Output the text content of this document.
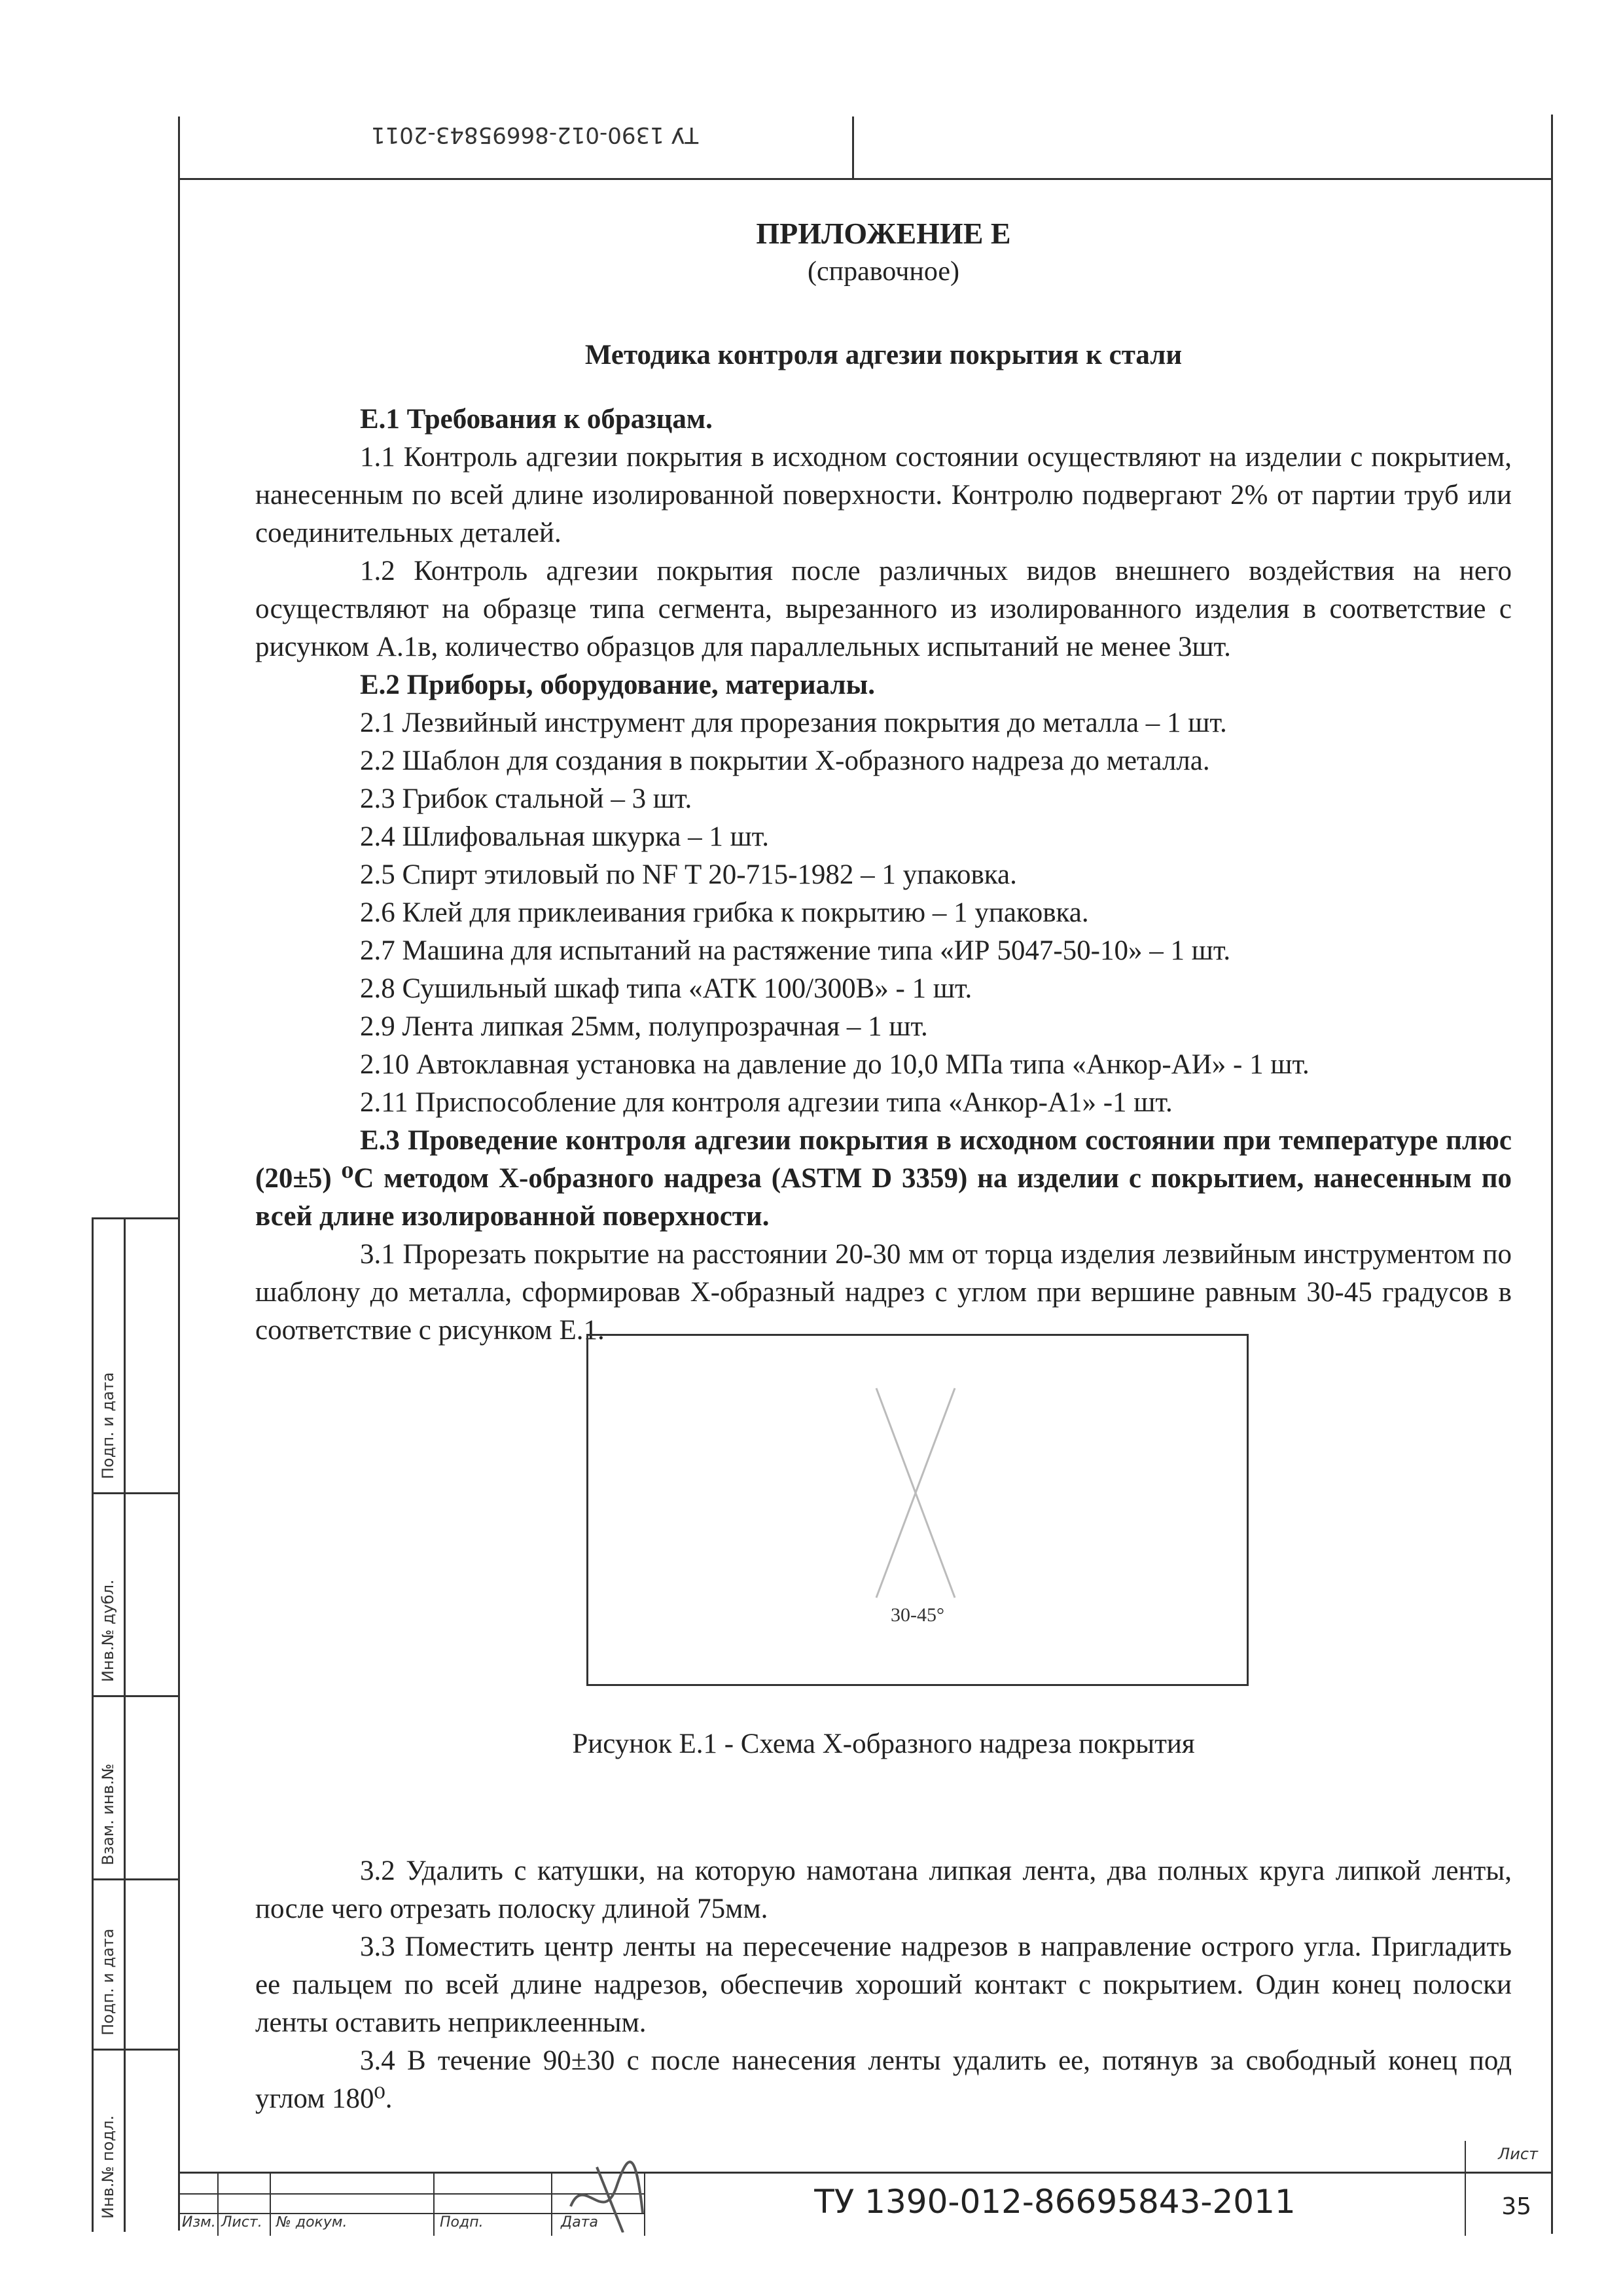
ТУ 1390-012-86695843-2011
Подп. и дата
Инв.№ дубл.
Взам. инв.№
Подп. и дата
Инв.№ подл.
ПРИЛОЖЕНИЕ Е
(справочное)
Методика контроля адгезии покрытия к стали

Е.1 Требования к образцам.

1.1 Контроль адгезии покрытия в исходном состоянии осуществляют на изделии с покрытием, нанесенным по всей длине изолированной поверхности. Контролю подвергают 2% от партии труб или соединительных деталей.

1.2 Контроль адгезии покрытия после различных видов внешнего воздействия на него осуществляют на образце типа сегмента, вырезанного из изолированного изделия в соответствие с рисунком А.1в, количество образцов для параллельных испытаний не менее 3шт.

Е.2 Приборы, оборудование, материалы.

2.1 Лезвийный инструмент для прорезания покрытия до металла – 1 шт.

2.2 Шаблон для создания в покрытии Х-образного надреза до металла.

2.3 Грибок стальной – 3 шт.

2.4 Шлифовальная шкурка – 1 шт.

2.5 Спирт этиловый по NF T 20-715-1982 – 1 упаковка.

2.6 Клей для приклеивания грибка к покрытию – 1 упаковка.

2.7 Машина для испытаний на растяжение типа «ИР 5047-50-10» – 1 шт.

2.8 Сушильный шкаф типа «АТК 100/300В» - 1 шт.

2.9 Лента липкая 25мм, полупрозрачная – 1 шт.

2.10 Автоклавная установка на давление до 10,0 МПа типа «Анкор-АИ» - 1 шт.

2.11 Приспособление для контроля адгезии типа «Анкор-А1» -1 шт.

Е.3 Проведение контроля адгезии покрытия в исходном состоянии при температуре плюс (20±5) ⁰С методом Х-образного надреза (ASTM D 3359) на изделии с покрытием, нанесенным по всей длине изолированной поверхности.

3.1 Прорезать покрытие на расстоянии 20-30 мм от торца изделия лезвийным инструментом по шаблону до металла, сформировав Х-образный надрез с углом при вершине равным 30-45 градусов в соответствие с рисунком Е.1.

30-45°
Рисунок Е.1 - Схема Х-образного надреза покрытия

3.2 Удалить с катушки, на которую намотана липкая лента, два полных круга липкой ленты, после чего отрезать полоску длиной 75мм.

3.3 Поместить центр ленты на пересечение надрезов в направление острого угла. Пригладить ее пальцем по всей длине надрезов, обеспечив хороший контакт с покрытием. Один конец полоски ленты оставить неприклеенным.

3.4 В течение 90±30 с после нанесения ленты удалить ее, потянув за свободный конец под углом 180⁰.

Изм. Лист. № докум.	Подп.	Дата
ТУ 1390-012-86695843-2011
Лист
35
